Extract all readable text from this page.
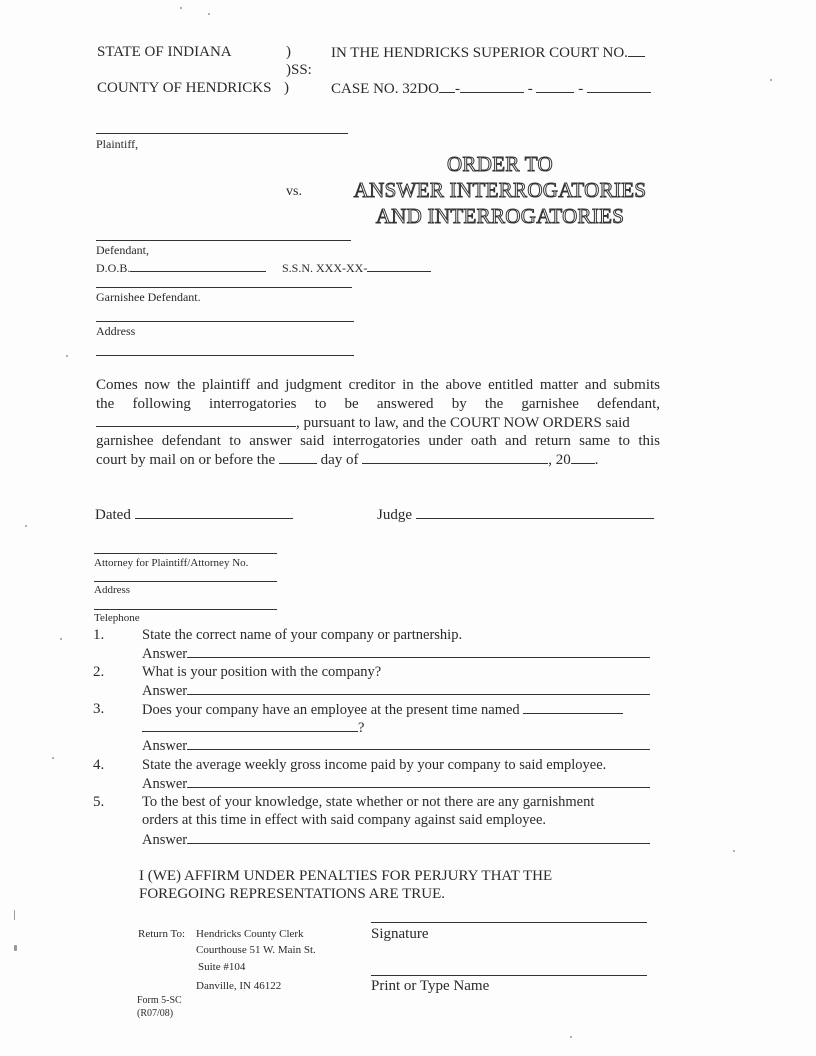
STATE OF INDIANA
COUNTY OF HENDRICKS
)
)SS:
)
IN THE HENDRICKS SUPERIOR COURT NO.
CASE NO. 32DO -	-	-
Plaintiff,
vs.
ORDER TO
ANSWER INTERROGATORIES
AND INTERROGATORIES
Defendant,
D.O.B.	S.S.N. XXX-XX-
Garnishee Defendant.
Address
Comes now the plaintiff and judgment creditor in the above entitled matter and submits
the following interrogatories to be answered by the garnishee defendant,
, pursuant to law, and the COURT NOW ORDERS said
garnishee defendant to answer said interrogatories under oath and return same to this
court by mail on or before the	day of	, 20 .
Dated	Judge
Attorney for Plaintiff/Attorney No.
Address
Telephone
1.	State the correct name of your company or partnership.
Answer
2.	What is your position with the company?
Answer
3.	Does your company have an employee at the present time named
?
Answer
4.	State the average weekly gross income paid by your company to said employee.
Answer
5.	To the best of your knowledge, state whether or not there are any garnishment
orders at this time in effect with said company against said employee.
Answer
I (WE) AFFIRM UNDER PENALTIES FOR PERJURY THAT THE
FOREGOING REPRESENTATIONS ARE TRUE.
Return To: Hendricks County Clerk
Courthouse 51 W. Main St.
Suite #104
Danville, IN 46122
Signature
Print or Type Name
Form 5-SC
(R07/08)
